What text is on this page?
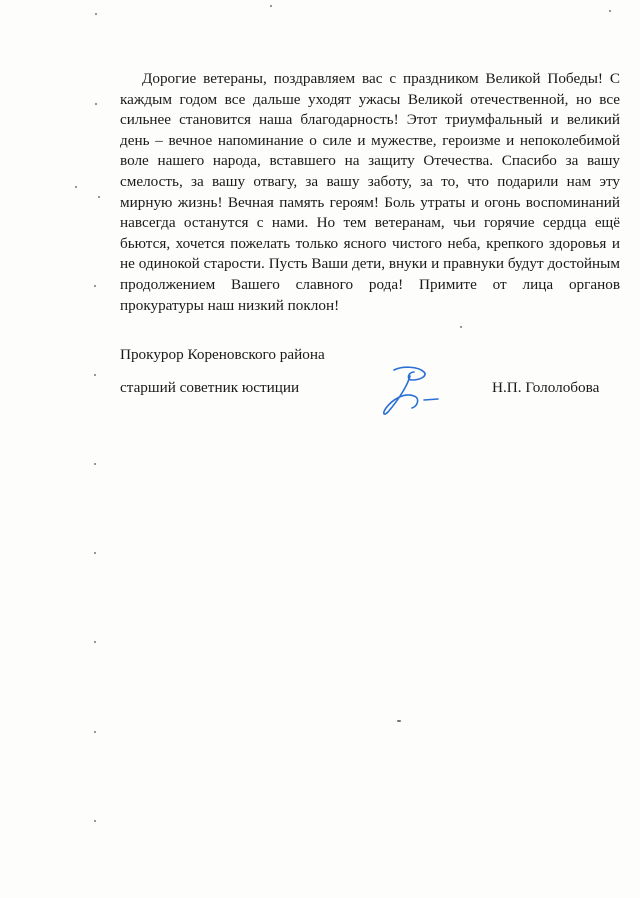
Дорогие ветераны, поздравляем вас с праздником Великой Победы! С каждым годом все дальше уходят ужасы Великой отечественной, но все сильнее становится наша благодарность! Этот триумфальный и великий день – вечное напоминание о силе и мужестве, героизме и непоколебимой воле нашего народа, вставшего на защиту Отечества. Спасибо за вашу смелость, за вашу отвагу, за вашу заботу, за то, что подарили нам эту мирную жизнь! Вечная память героям! Боль утраты и огонь воспоминаний навсегда останутся с нами. Но тем ветеранам, чьи горячие сердца ещё бьются, хочется пожелать только ясного чистого неба, крепкого здоровья и не одинокой старости. Пусть Ваши дети, внуки и правнуки будут достойным продолжением Вашего славного рода! Примите от лица органов прокуратуры наш низкий поклон!

Прокурор Кореновского района

старший советник юстиции	Н.П. Гололобова
